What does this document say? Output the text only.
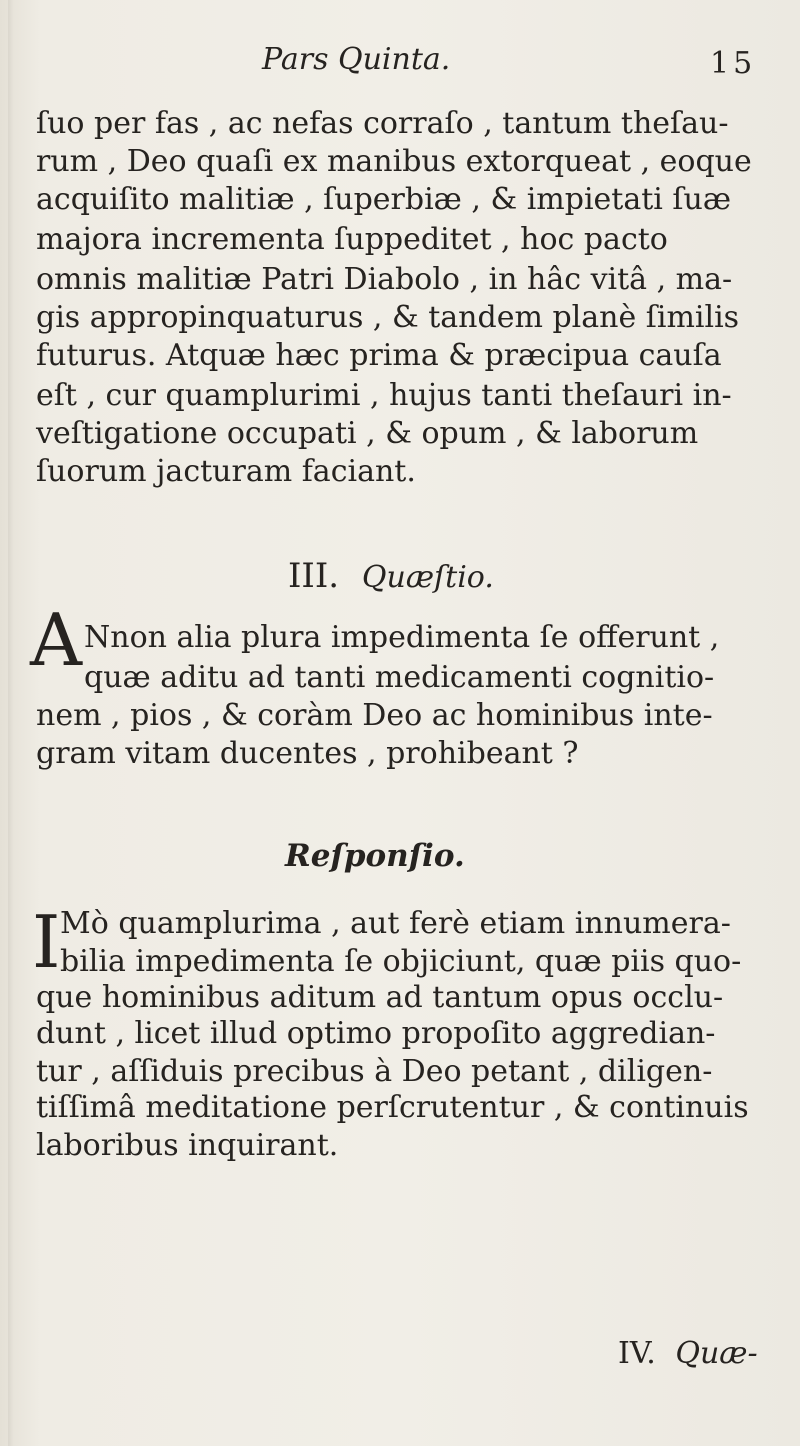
Pars Quinta.	15
ſuo per fas , ac nefas corraſo , tantum theſau-
rum , Deo quaſi ex manibus extorqueat , eoque
acquiſito malitiæ , ſuperbiæ , & impietati ſuæ
majora incrementa ſuppeditet , hoc pacto
omnis malitiæ Patri Diabolo , in hâc vitâ , ma-
gis appropinquaturus , & tandem planè ſimilis
futurus. Atquæ hæc prima & præcipua cauſa
eſt , cur quamplurimi , hujus tanti theſauri in-
veſtigatione occupati , & opum , & laborum
ſuorum jacturam faciant.
III. Quæſtio.
A Nnon alia plura impedimenta ſe offerunt ,
quæ aditu ad tanti medicamenti cognitio-
nem , pios , & coràm Deo ac hominibus inte-
gram vitam ducentes , prohibeant ?
Reſponſio.
I Mò quamplurima , aut ferè etiam innumera-
bilia impedimenta ſe objiciunt, quæ piis quo-
que hominibus aditum ad tantum opus occlu-
dunt , licet illud optimo propoſito aggredian-
tur , aſſiduis precibus à Deo petant , diligen-
tiſſimâ meditatione perſcrutentur , & continuis
laboribus inquirant.
IV. Quæ-
